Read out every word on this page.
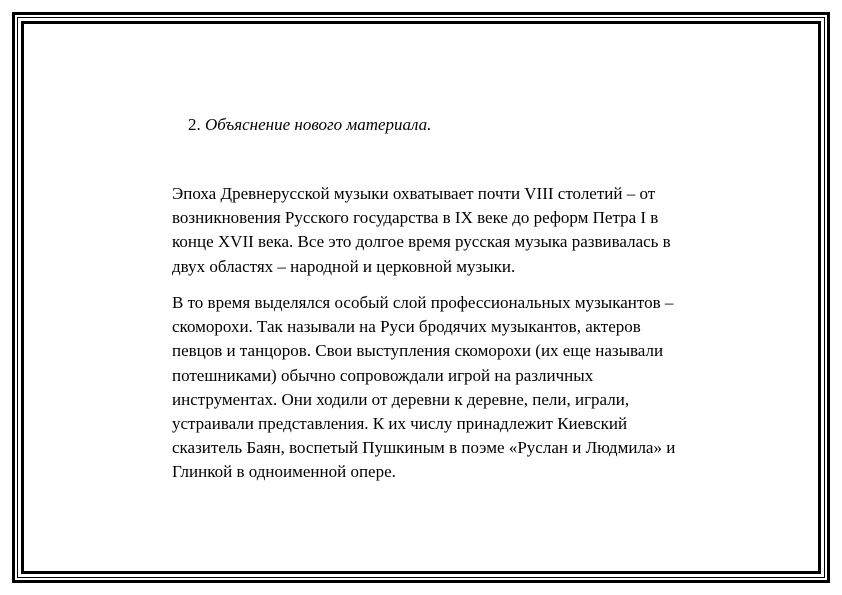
2. Объяснение нового материала.
Эпоха Древнерусской музыки охватывает почти VIII столетий – от
возникновения Русского государства в IX веке до реформ Петра I в
конце XVII века. Все это долгое время русская музыка развивалась в
двух областях – народной и церковной музыки.
В то время выделялся особый слой профессиональных музыкантов –
скоморохи. Так называли на Руси бродячих музыкантов, актеров
певцов и танцоров. Свои выступления скоморохи (их еще называли
потешниками) обычно сопровождали игрой на различных
инструментах. Они ходили от деревни к деревне, пели, играли,
устраивали представления. К их числу принадлежит Киевский
сказитель Баян, воспетый Пушкиным в поэме «Руслан и Людмила» и
Глинкой в одноименной опере.
